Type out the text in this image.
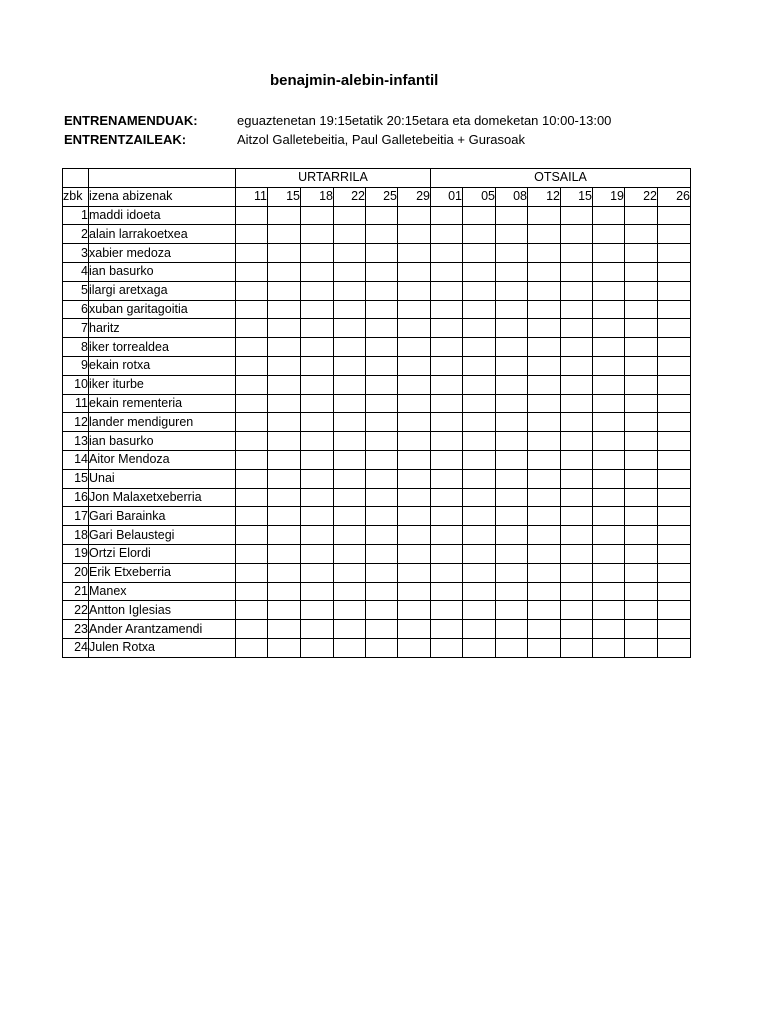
benajmin-alebin-infantil
ENTRENAMENDUAK:	eguaztenetan 19:15etatik 20:15etara eta domeketan 10:00-13:00
ENTRENTZAILEAK:	Aitzol Galletebeitia, Paul Galletebeitia + Gurasoak
		URTARRILA						OTSAILA							
zbk	izena abizenak	11	15	18	22	25	29	01	05	08	12	15	19	22	26
1	maddi idoeta														
2	alain larrakoetxea														
3	xabier medoza														
4	ian basurko														
5	ilargi aretxaga														
6	xuban garitagoitia														
7	haritz														
8	iker torrealdea														
9	ekain rotxa														
10	iker iturbe														
11	ekain rementeria														
12	lander mendiguren														
13	ian basurko														
14	Aitor Mendoza														
15	Unai														
16	Jon Malaxetxeberria														
17	Gari Barainka														
18	Gari Belaustegi														
19	Ortzi Elordi														
20	Erik Etxeberria														
21	Manex														
22	Antton Iglesias														
23	Ander Arantzamendi														
24	Julen Rotxa														
